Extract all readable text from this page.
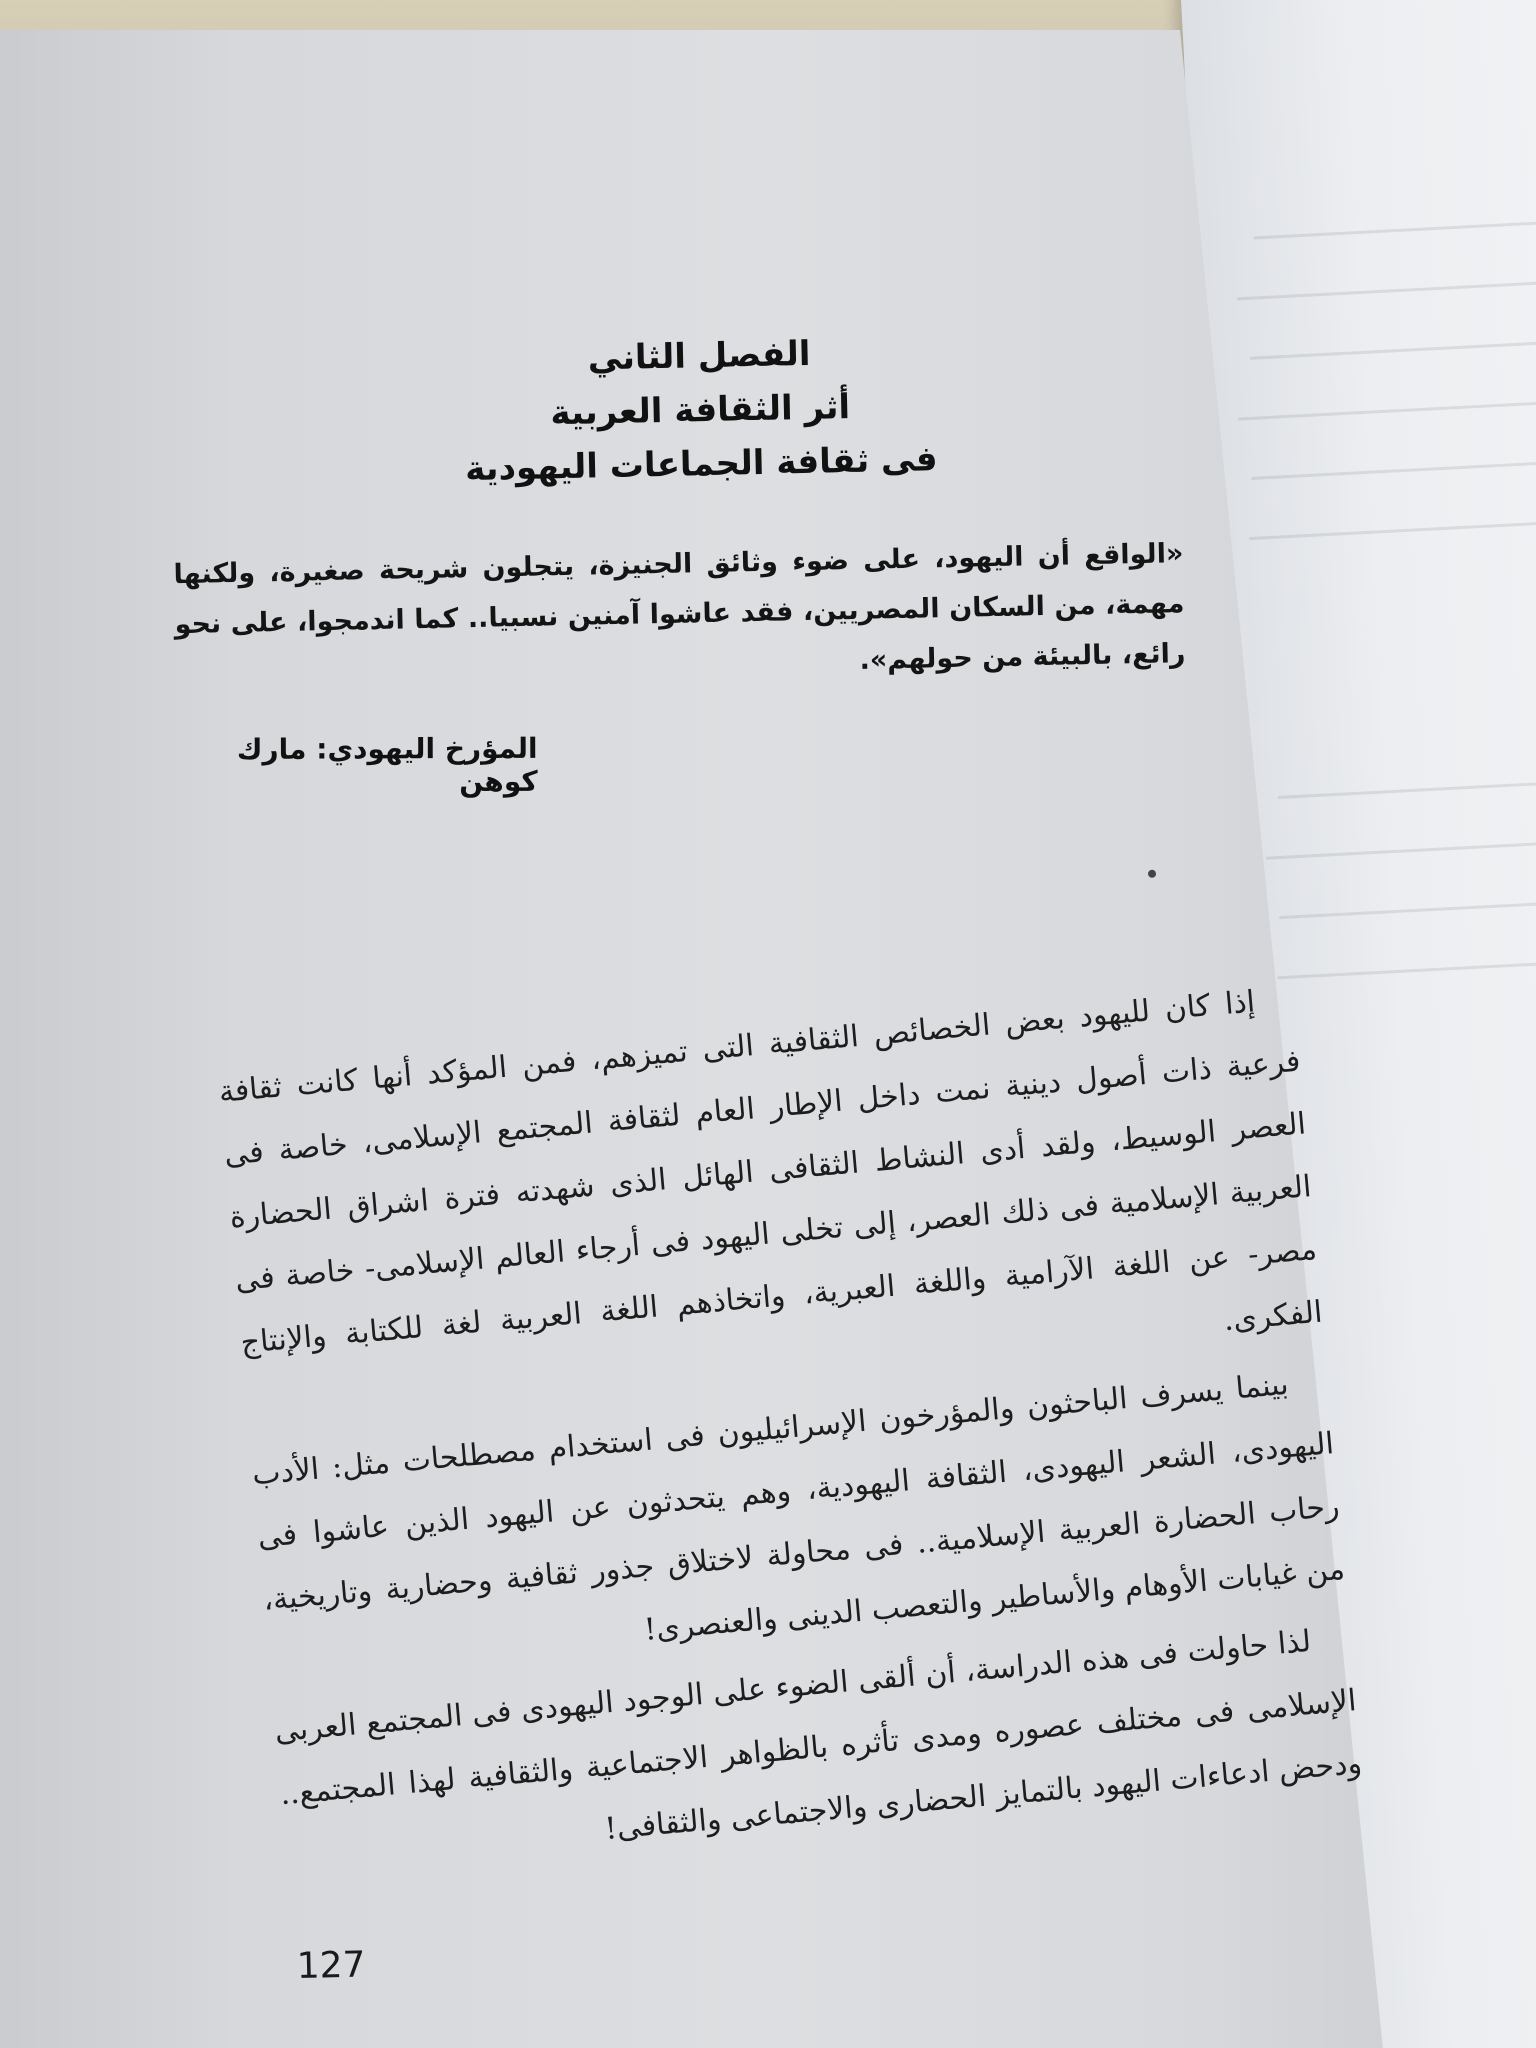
الفصل الثاني
أثر الثقافة العربية
فى ثقافة الجماعات اليهودية
«الواقع أن اليهود، على ضوء وثائق الجنيزة، يتجلون شريحة صغيرة، ولكنها مهمة، من السكان المصريين، فقد عاشوا آمنين نسبيا.. كما اندمجوا، على نحو رائع، بالبيئة من حولهم».
المؤرخ اليهودي: مارك كوهن

إذا كان لليهود بعض الخصائص الثقافية التى تميزهم، فمن المؤكد أنها كانت ثقافة فرعية ذات أصول دينية نمت داخل الإطار العام لثقافة المجتمع الإسلامى، خاصة فى العصر الوسيط، ولقد أدى النشاط الثقافى الهائل الذى شهدته فترة اشراق الحضارة العربية الإسلامية فى ذلك العصر، إلى تخلى اليهود فى أرجاء العالم الإسلامى- خاصة فى مصر- عن اللغة الآرامية واللغة العبرية، واتخاذهم اللغة العربية لغة للكتابة والإنتاج الفكرى.

بينما يسرف الباحثون والمؤرخون الإسرائيليون فى استخدام مصطلحات مثل: الأدب اليهودى، الشعر اليهودى، الثقافة اليهودية، وهم يتحدثون عن اليهود الذين عاشوا فى رحاب الحضارة العربية الإسلامية.. فى محاولة لاختلاق جذور ثقافية وحضارية وتاريخية، من غيابات الأوهام والأساطير والتعصب الدينى والعنصرى!

لذا حاولت فى هذه الدراسة، أن ألقى الضوء على الوجود اليهودى فى المجتمع العربى الإسلامى فى مختلف عصوره ومدى تأثره بالظواهر الاجتماعية والثقافية لهذا المجتمع.. ودحض ادعاءات اليهود بالتمايز الحضارى والاجتماعى والثقافى!

127
